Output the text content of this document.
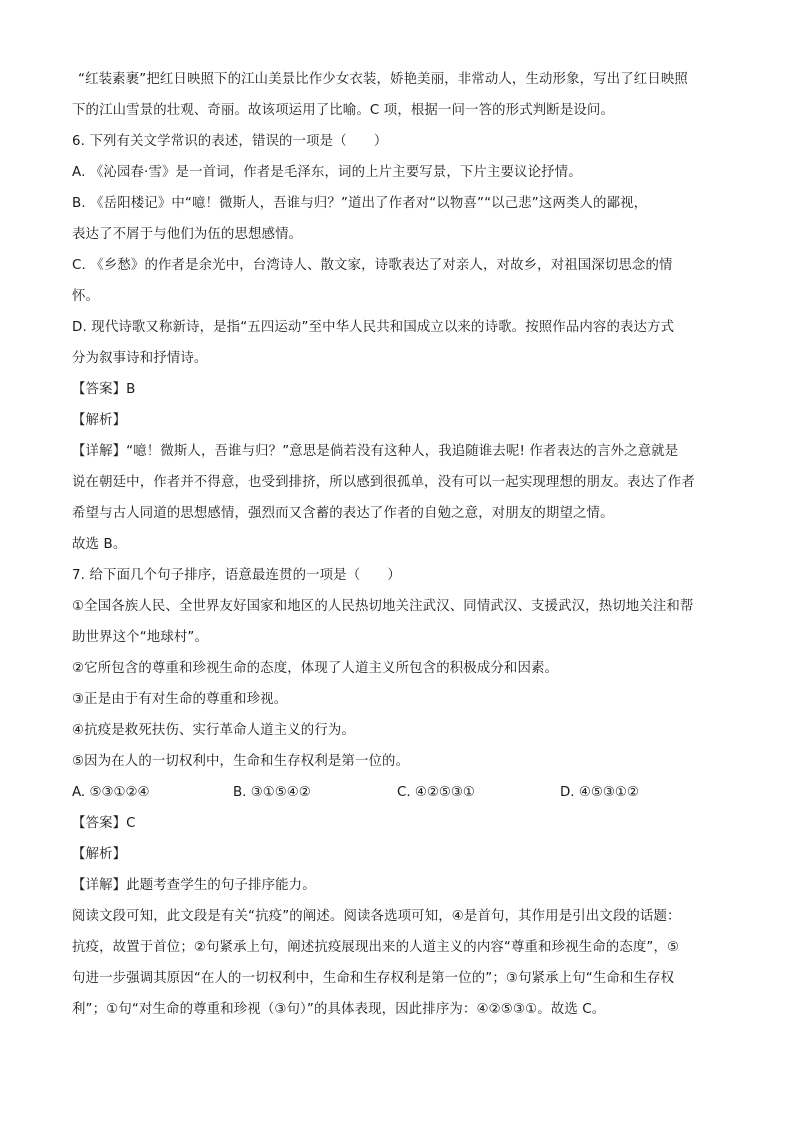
“红装素裹”把红日映照下的江山美景比作少女衣装，娇艳美丽，非常动人，生动形象，写出了红日映照
下的江山雪景的壮观、奇丽。故该项运用了比喻。C 项，根据一问一答的形式判断是设问。
6. 下列有关文学常识的表述，错误的一项是（　　）
A. 《沁园春·雪》是一首词，作者是毛泽东，词的上片主要写景，下片主要议论抒情。
B. 《岳阳楼记》中“噫！微斯人，吾谁与归？”道出了作者对“以物喜”“以己悲”这两类人的鄙视，
表达了不屑于与他们为伍的思想感情。
C. 《乡愁》的作者是余光中，台湾诗人、散文家，诗歌表达了对亲人，对故乡，对祖国深切思念的情
怀。
D. 现代诗歌又称新诗，是指“五四运动”至中华人民共和国成立以来的诗歌。按照作品内容的表达方式
分为叙事诗和抒情诗。
【答案】B
【解析】
【详解】“噫！微斯人，吾谁与归？”意思是倘若没有这种人，我追随谁去呢! 作者表达的言外之意就是
说在朝廷中，作者并不得意，也受到排挤，所以感到很孤单，没有可以一起实现理想的朋友。表达了作者
希望与古人同道的思想感情，强烈而又含蓄的表达了作者的自勉之意，对朋友的期望之情。
故选 B。
7. 给下面几个句子排序，语意最连贯的一项是（　　）
①全国各族人民、全世界友好国家和地区的人民热切地关注武汉、同情武汉、支援武汉，热切地关注和帮
助世界这个“地球村”。
②它所包含的尊重和珍视生命的态度，体现了人道主义所包含的积极成分和因素。
③正是由于有对生命的尊重和珍视。
④抗疫是救死扶伤、实行革命人道主义的行为。
⑤因为在人的一切权利中，生命和生存权利是第一位的。
A. ⑤③①②④	B. ③①⑤④②	C. ④②⑤③①	D. ④⑤③①②
【答案】C
【解析】
【详解】此题考查学生的句子排序能力。
阅读文段可知，此文段是有关“抗疫”的阐述。阅读各选项可知，④是首句，其作用是引出文段的话题：
抗疫，故置于首位；②句紧承上句，阐述抗疫展现出来的人道主义的内容“尊重和珍视生命的态度”，⑤
句进一步强调其原因“在人的一切权利中，生命和生存权利是第一位的”；③句紧承上句“生命和生存权
利”；①句“对生命的尊重和珍视（③句）”的具体表现，因此排序为：④②⑤③①。故选 C。
